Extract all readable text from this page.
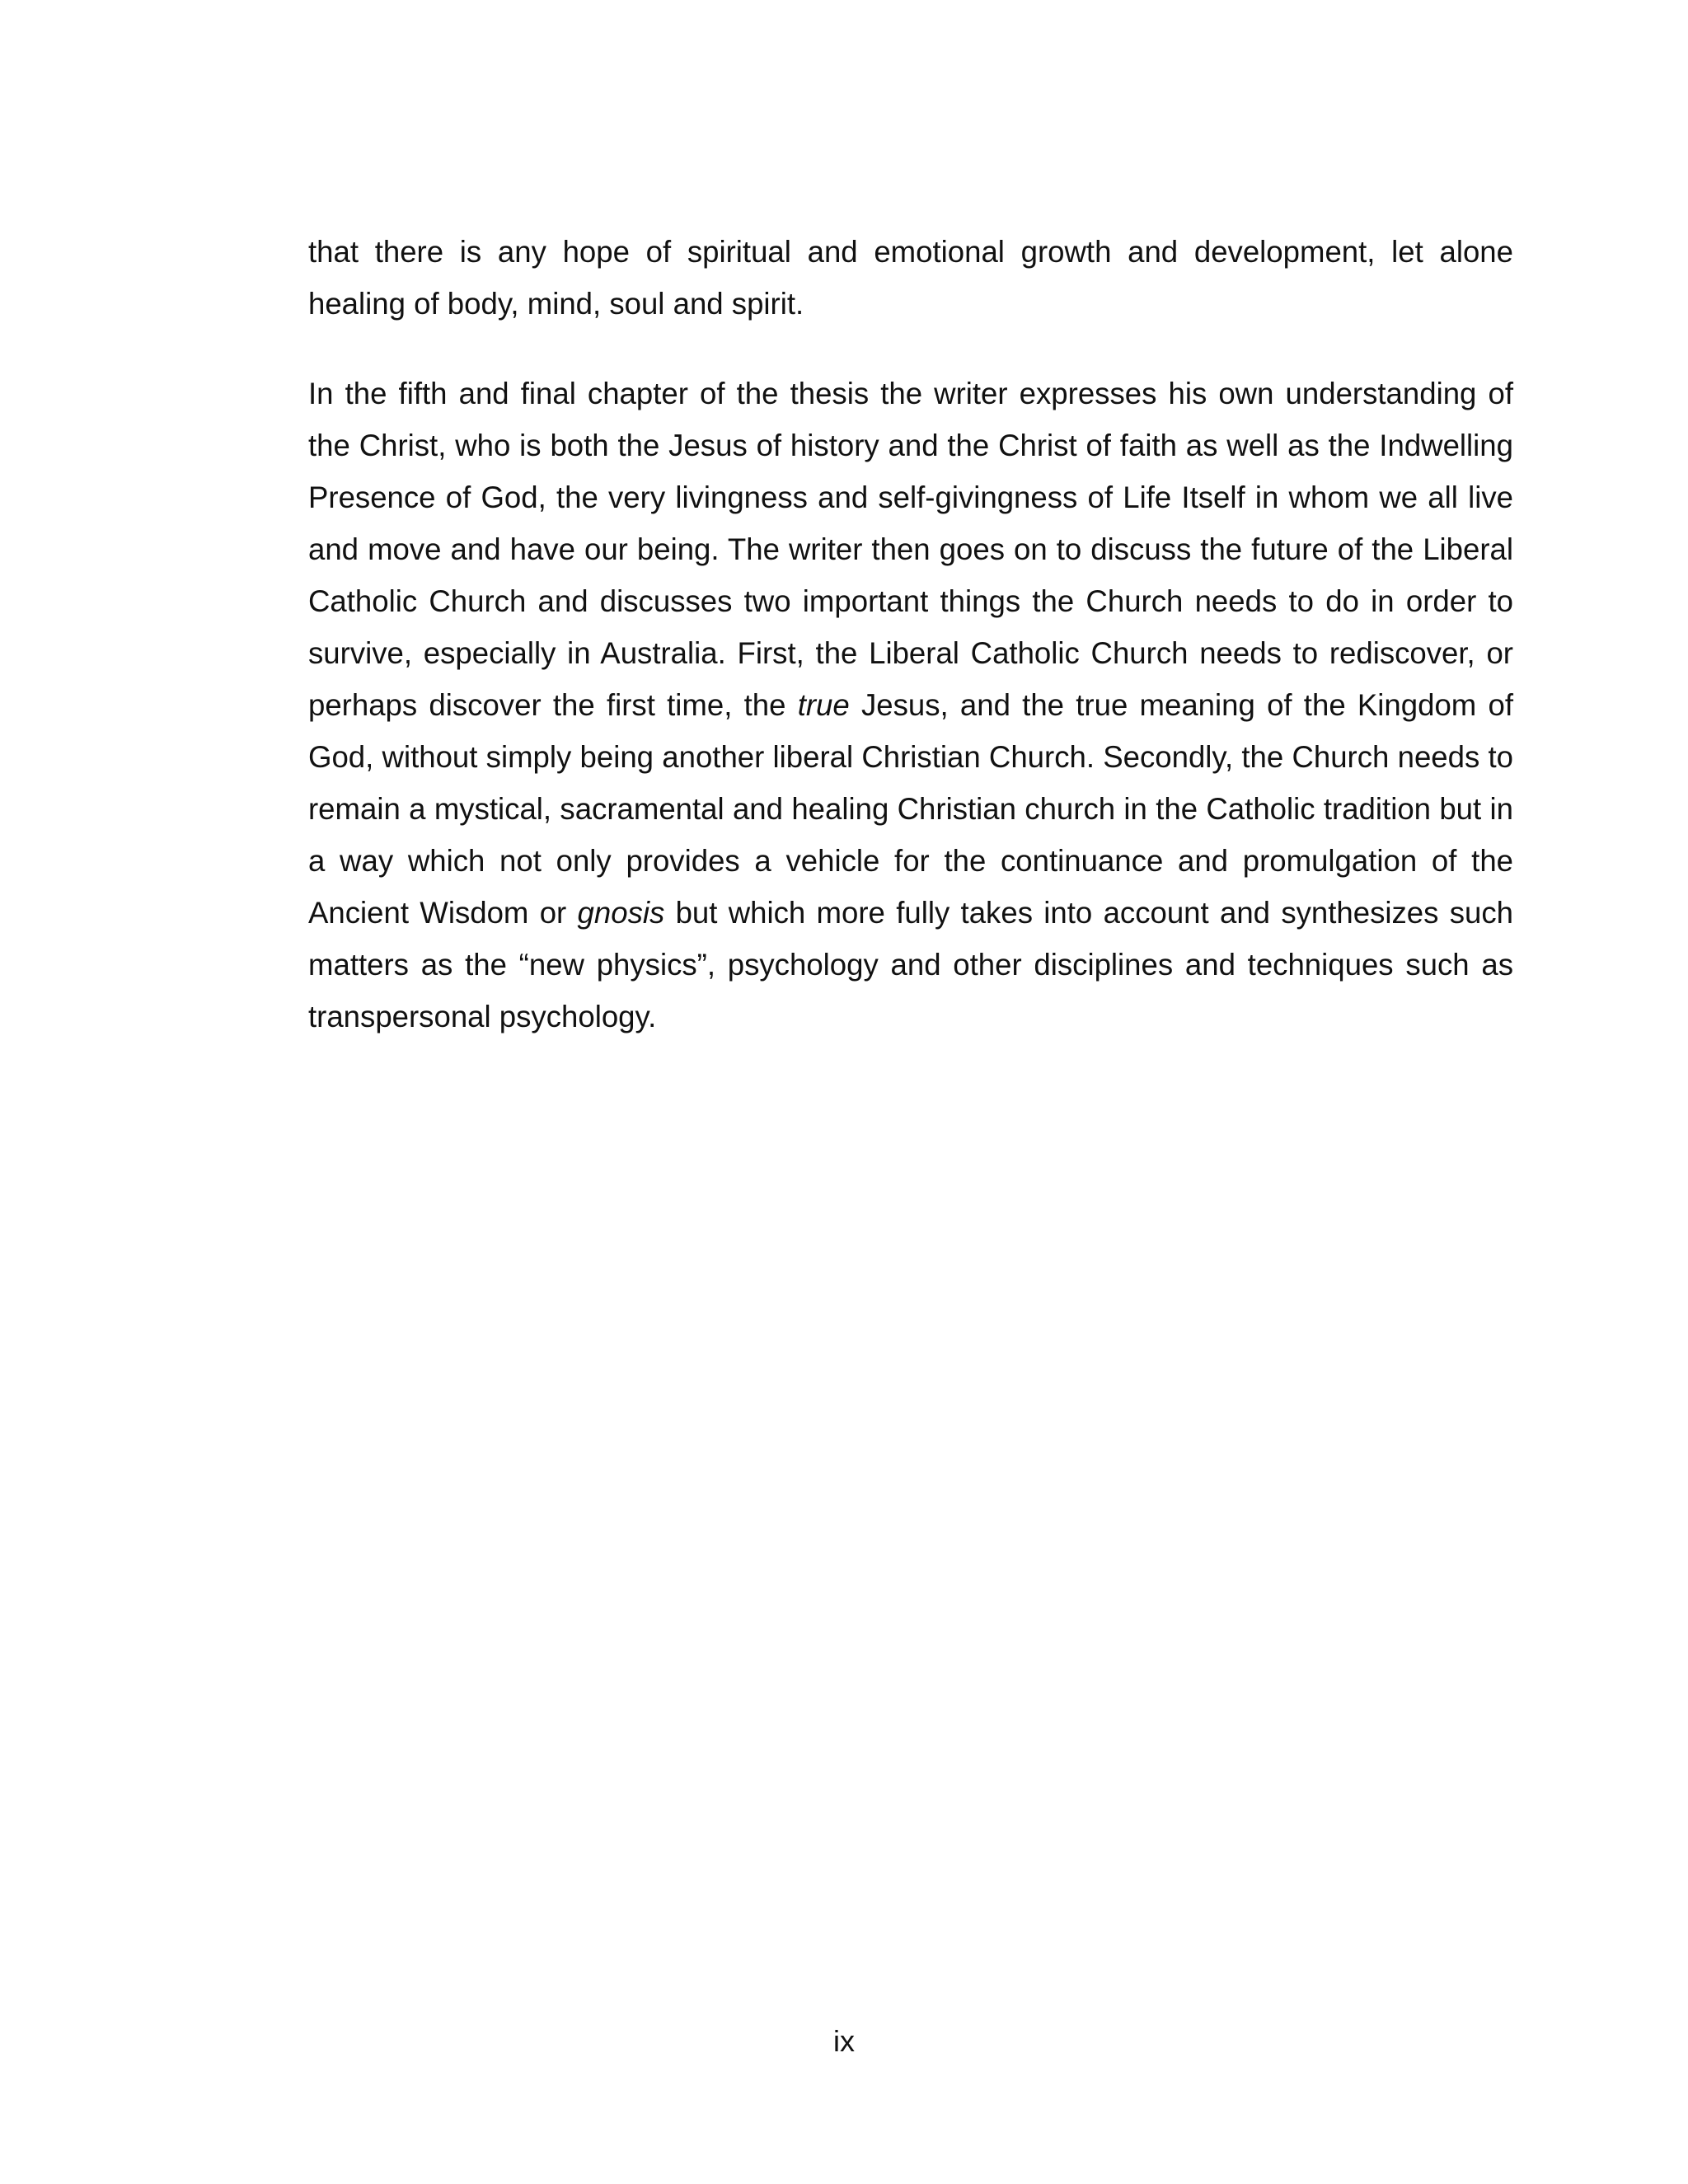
that there is any hope of spiritual and emotional growth and development, let alone healing of body, mind, soul and spirit.

In the fifth and final chapter of the thesis the writer expresses his own understanding of the Christ, who is both the Jesus of history and the Christ of faith as well as the Indwelling Presence of God, the very livingness and self-givingness of Life Itself in whom we all live and move and have our being. The writer then goes on to discuss the future of the Liberal Catholic Church and discusses two important things the Church needs to do in order to survive, especially in Australia. First, the Liberal Catholic Church needs to rediscover, or perhaps discover the first time, the true Jesus, and the true meaning of the Kingdom of God, without simply being another liberal Christian Church. Secondly, the Church needs to remain a mystical, sacramental and healing Christian church in the Catholic tradition but in a way which not only provides a vehicle for the continuance and promulgation of the Ancient Wisdom or gnosis but which more fully takes into account and synthesizes such matters as the “new physics”, psychology and other disciplines and techniques such as transpersonal psychology.

ix
